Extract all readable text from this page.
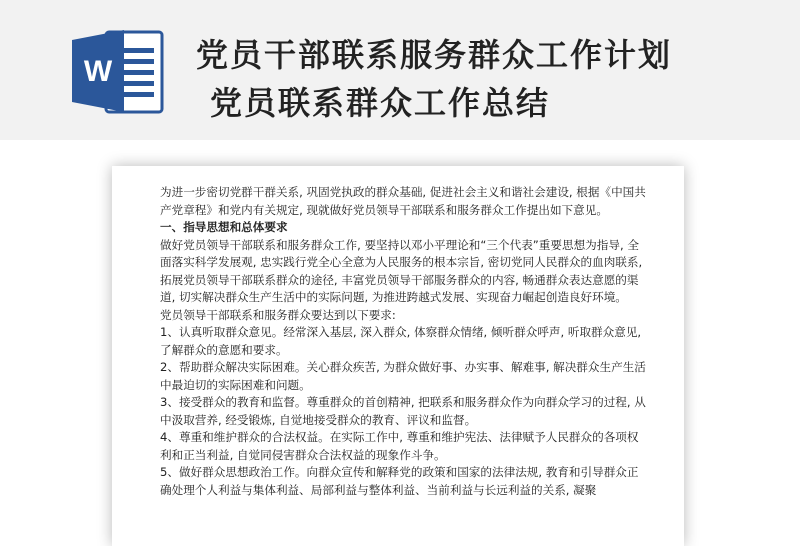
W	党员干部联系服务群众工作计划
党员联系群众工作总结

为进一步密切党群干群关系, 巩固党执政的群众基础, 促进社会主义和谐社会建设, 根据《中国共产党章程》和党内有关规定, 现就做好党员领导干部联系和服务群众工作提出如下意见。

一、指导思想和总体要求

做好党员领导干部联系和服务群众工作, 要坚持以邓小平理论和“三个代表”重要思想为指导, 全面落实科学发展观, 忠实践行党全心全意为人民服务的根本宗旨, 密切党同人民群众的血肉联系, 拓展党员领导干部联系群众的途径, 丰富党员领导干部服务群众的内容, 畅通群众表达意愿的渠道, 切实解决群众生产生活中的实际问题, 为推进跨越式发展、实现奋力崛起创造良好环境。

党员领导干部联系和服务群众要达到以下要求:

1、认真听取群众意见。经常深入基层, 深入群众, 体察群众情绪, 倾听群众呼声, 听取群众意见, 了解群众的意愿和要求。

2、帮助群众解决实际困难。关心群众疾苦, 为群众做好事、办实事、解难事, 解决群众生产生活中最迫切的实际困难和问题。

3、接受群众的教育和监督。尊重群众的首创精神, 把联系和服务群众作为向群众学习的过程, 从中汲取营养, 经受锻炼, 自觉地接受群众的教育、评议和监督。

4、尊重和维护群众的合法权益。在实际工作中, 尊重和维护宪法、法律赋予人民群众的各项权利和正当利益, 自觉同侵害群众合法权益的现象作斗争。

5、做好群众思想政治工作。向群众宣传和解释党的政策和国家的法律法规, 教育和引导群众正确处理个人利益与集体利益、局部利益与整体利益、当前利益与长远利益的关系, 凝聚
